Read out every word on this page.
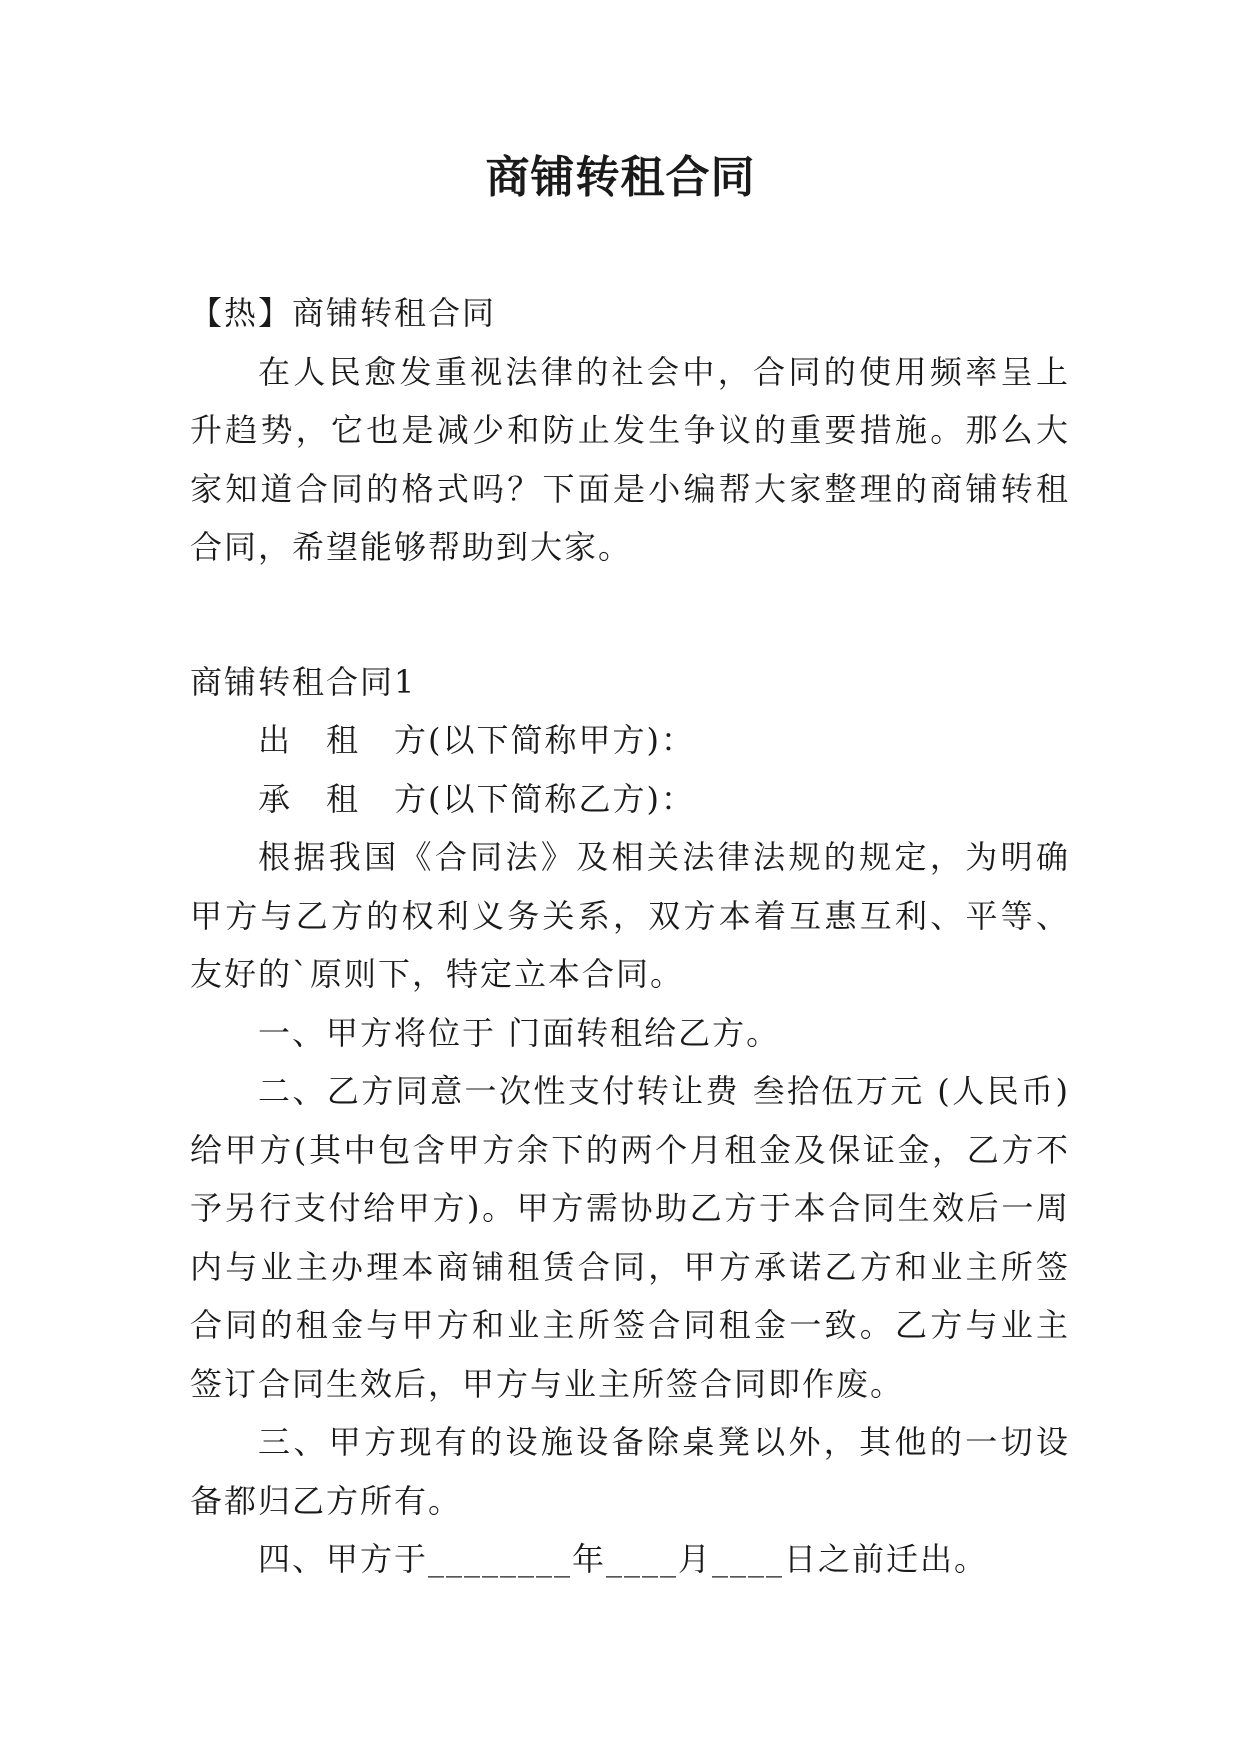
商铺转租合同

【热】商铺转租合同

在人民愈发重视法律的社会中，合同的使用频率呈上升趋势，它也是减少和防止发生争议的重要措施。那么大家知道合同的格式吗？下面是小编帮大家整理的商铺转租合同，希望能够帮助到大家。

商铺转租合同1

出　租　方(以下简称甲方)：

承　租　方(以下简称乙方)：

根据我国《合同法》及相关法律法规的规定，为明确甲方与乙方的权利义务关系，双方本着互惠互利、平等、友好的`原则下，特定立本合同。

一、甲方将位于 门面转租给乙方。

二、乙方同意一次性支付转让费 叁拾伍万元 (人民币)给甲方(其中包含甲方余下的两个月租金及保证金，乙方不予另行支付给甲方)。甲方需协助乙方于本合同生效后一周内与业主办理本商铺租赁合同，甲方承诺乙方和业主所签合同的租金与甲方和业主所签合同租金一致。乙方与业主签订合同生效后，甲方与业主所签合同即作废。

三、甲方现有的设施设备除桌凳以外，其他的一切设备都归乙方所有。

四、甲方于________年____月____日之前迁出。
